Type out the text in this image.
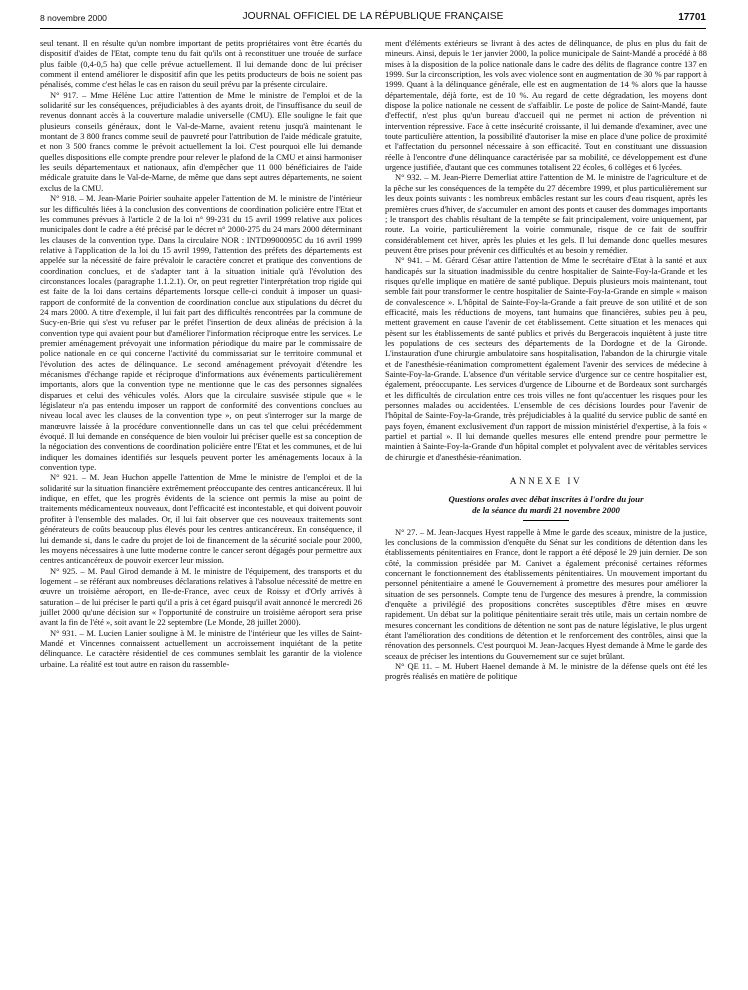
8 novembre 2000	JOURNAL OFFICIEL DE LA RÉPUBLIQUE FRANÇAISE	17701

seul tenant. Il en résulte qu'un nombre important de petits propriétaires vont être écartés du dispositif d'aides de l'Etat, compte tenu du fait qu'ils ont à reconstituer une trouée de surface plus faible (0,4-0,5 ha) que celle prévue actuellement. Il lui demande donc de lui préciser comment il entend améliorer le dispositif afin que les petits producteurs de bois ne soient pas pénalisés, comme c'est hélas le cas en raison du seuil prévu par la présente circulaire.

N° 917. – Mme Hélène Luc attire l'attention de Mme le ministre de l'emploi et de la solidarité sur les conséquences, préjudiciables à des ayants droit, de l'insuffisance du seuil de revenus donnant accès à la couverture maladie universelle (CMU). Elle souligne le fait que plusieurs conseils généraux, dont le Val-de-Marne, avaient retenu jusqu'à maintenant le montant de 3 800 francs comme seuil de pauvreté pour l'attribution de l'aide médicale gratuite, et non 3 500 francs comme le prévoit actuellement la loi. C'est pourquoi elle lui demande quelles dispositions elle compte prendre pour relever le plafond de la CMU et ainsi harmoniser les seuils départementaux et nationaux, afin d'empêcher que 11 000 bénéficiaires de l'aide médicale gratuite dans le Val-de-Marne, de même que dans sept autres départements, ne soient exclus de la CMU.

N° 918. – M. Jean-Marie Poirier souhaite appeler l'attention de M. le ministre de l'intérieur sur les difficultés liées à la conclusion des conventions de coordination policière entre l'Etat et les communes prévues à l'article 2 de la loi n° 99-231 du 15 avril 1999 relative aux polices municipales dont le cadre a été précisé par le décret n° 2000-275 du 24 mars 2000 déterminant les clauses de la convention type. Dans la circulaire NOR : INTD9900095C du 16 avril 1999 relative à l'application de la loi du 15 avril 1999, l'attention des préfets des départements est appelée sur la nécessité de faire prévaloir le caractère concret et pratique des conventions de coordination conclues, et de s'adapter tant à la situation initiale qu'à l'évolution des circonstances locales (paragraphe 1.1.2.1). Or, on peut regretter l'interprétation trop rigide qui est faite de la loi dans certains départements lorsque celle-ci conduit à imposer un quasi-rapport de conformité de la convention de coordination conclue aux stipulations du décret du 24 mars 2000. A titre d'exemple, il lui fait part des difficultés rencontrées par la commune de Sucy-en-Brie qui s'est vu refuser par le préfet l'insertion de deux alinéas de précision à la convention type qui avaient pour but d'améliorer l'information réciproque entre les services. Le premier aménagement prévoyait une information périodique du maire par le commissaire de police nationale en ce qui concerne l'activité du commissariat sur le territoire communal et l'évolution des actes de délinquance. Le second aménagement prévoyait d'étendre les mécanismes d'échange rapide et réciproque d'informations aux événements particulièrement importants, alors que la convention type ne mentionne que le cas des personnes signalées disparues et celui des véhicules volés. Alors que la circulaire susvisée stipule que « le législateur n'a pas entendu imposer un rapport de conformité des conventions conclues au niveau local avec les clauses de la convention type », on peut s'interroger sur la marge de manœuvre laissée à la procédure conventionnelle dans un cas tel que celui précédemment évoqué. Il lui demande en conséquence de bien vouloir lui préciser quelle est sa conception de la négociation des conventions de coordination policière entre l'Etat et les communes, et de lui indiquer les domaines identifiés sur lesquels peuvent porter les aménagements locaux à la convention type.

N° 921. – M. Jean Huchon appelle l'attention de Mme le ministre de l'emploi et de la solidarité sur la situation financière extrêmement préoccupante des centres anticancéreux. Il lui indique, en effet, que les progrès évidents de la science ont permis la mise au point de traitements médicamenteux nouveaux, dont l'efficacité est incontestable, et qui doivent pouvoir profiter à l'ensemble des malades. Or, il lui fait observer que ces nouveaux traitements sont générateurs de coûts beaucoup plus élevés pour les centres anticancéreux. En conséquence, il lui demande si, dans le cadre du projet de loi de financement de la sécurité sociale pour 2000, les moyens nécessaires à une lutte moderne contre le cancer seront dégagés pour permettre aux centres anticancéreux de pouvoir exercer leur mission.

N° 925. – M. Paul Girod demande à M. le ministre de l'équipement, des transports et du logement – se référant aux nombreuses déclarations relatives à l'absolue nécessité de mettre en œuvre un troisième aéroport, en Ile-de-France, avec ceux de Roissy et d'Orly arrivés à saturation – de lui préciser le parti qu'il a pris à cet égard puisqu'il avait annoncé le mercredi 26 juillet 2000 qu'une décision sur « l'opportunité de construire un troisième aéroport sera prise avant la fin de l'été », soit avant le 22 septembre (Le Monde, 28 juillet 2000).

N° 931. – M. Lucien Lanier souligne à M. le ministre de l'intérieur que les villes de Saint-Mandé et Vincennes connaissent actuellement un accroissement inquiétant de la petite délinquance. Le caractère résidentiel de ces communes semblait les garantir de la violence urbaine. La réalité est tout autre en raison du rassemble-

ment d'éléments extérieurs se livrant à des actes de délinquance, de plus en plus du fait de mineurs. Ainsi, depuis le 1er janvier 2000, la police municipale de Saint-Mandé a procédé à 88 mises à la disposition de la police nationale dans le cadre des délits de flagrance contre 137 en 1999. Sur la circonscription, les vols avec violence sont en augmentation de 30 % par rapport à 1999. Quant à la délinquance générale, elle est en augmentation de 14 % alors que la hausse départementale, déjà forte, est de 10 %. Au regard de cette dégradation, les moyens dont dispose la police nationale ne cessent de s'affaiblir. Le poste de police de Saint-Mandé, faute d'effectif, n'est plus qu'un bureau d'accueil qui ne permet ni action de prévention ni intervention répressive. Face à cette insécurité croissante, il lui demande d'examiner, avec une toute particulière attention, la possibilité d'autoriser la mise en place d'une police de proximité et l'affectation du personnel nécessaire à son efficacité. Tout en constituant une dissuasion réelle à l'encontre d'une délinquance caractérisée par sa mobilité, ce développement est d'une urgence justifiée, d'autant que ces communes totalisent 22 écoles, 6 collèges et 6 lycées.

N° 932. – M. Jean-Pierre Demerliat attire l'attention de M. le ministre de l'agriculture et de la pêche sur les conséquences de la tempête du 27 décembre 1999, et plus particulièrement sur les deux points suivants : les nombreux embâcles restant sur les cours d'eau risquent, après les premières crues d'hiver, de s'accumuler en amont des ponts et causer des dommages importants ; le transport des chablis résultant de la tempête se fait principalement, voire uniquement, par route. La voirie, particulièrement la voirie communale, risque de ce fait de souffrir considérablement cet hiver, après les pluies et les gels. Il lui demande donc quelles mesures peuvent être prises pour prévenir ces difficultés et au besoin y remédier.

N° 941. – M. Gérard César attire l'attention de Mme le secrétaire d'Etat à la santé et aux handicapés sur la situation inadmissible du centre hospitalier de Sainte-Foy-la-Grande et les risques qu'elle implique en matière de santé publique. Depuis plusieurs mois maintenant, tout semble fait pour transformer le centre hospitalier de Sainte-Foy-la-Grande en simple « maison de convalescence ». L'hôpital de Sainte-Foy-la-Grande a fait preuve de son utilité et de son efficacité, mais les réductions de moyens, tant humains que financières, subies peu à peu, mettent gravement en cause l'avenir de cet établissement. Cette situation et les menaces qui pèsent sur les établissements de santé publics et privés du Bergeracois inquiètent à juste titre les populations de ces secteurs des départements de la Dordogne et de la Gironde. L'instauration d'une chirurgie ambulatoire sans hospitalisation, l'abandon de la chirurgie vitale et de l'anesthésie-réanimation compromettent également l'avenir des services de médecine à Sainte-Foy-la-Grande. L'absence d'un véritable service d'urgence sur ce centre hospitalier est, également, préoccupante. Les services d'urgence de Libourne et de Bordeaux sont surchargés et les difficultés de circulation entre ces trois villes ne font qu'accentuer les risques pour les personnes malades ou accidentées. L'ensemble de ces décisions lourdes pour l'avenir de l'hôpital de Sainte-Foy-la-Grande, très préjudiciables à la qualité du service public de santé en pays foyen, émanent exclusivement d'un rapport de mission ministériel d'expertise, à la fois « partiel et partial ». Il lui demande quelles mesures elle entend prendre pour permettre le maintien à Sainte-Foy-la-Grande d'un hôpital complet et polyvalent avec de véritables services de chirurgie et d'anesthésie-réanimation.

ANNEXE IV
Questions orales avec débat inscrites à l'ordre du jour
de la séance du mardi 21 novembre 2000

N° 27. – M. Jean-Jacques Hyest rappelle à Mme le garde des sceaux, ministre de la justice, les conclusions de la commission d'enquête du Sénat sur les conditions de détention dans les établissements pénitentiaires en France, dont le rapport a été déposé le 29 juin dernier. De son côté, la commission présidée par M. Canivet a également préconisé certaines réformes concernant le fonctionnement des établissements pénitentiaires. Un mouvement important du personnel pénitentiaire a amené le Gouvernement à promettre des mesures pour améliorer la situation de ses personnels. Compte tenu de l'urgence des mesures à prendre, la commission d'enquête a privilégié des propositions concrètes susceptibles d'être mises en œuvre rapidement. Un débat sur la politique pénitentiaire serait très utile, mais un certain nombre de mesures concernant les conditions de détention ne sont pas de nature législative, le plus urgent étant l'amélioration des conditions de détention et le renforcement des contrôles, ainsi que la rénovation des personnels. C'est pourquoi M. Jean-Jacques Hyest demande à Mme le garde des sceaux de préciser les intentions du Gouvernement sur ce sujet brûlant.

N° QE 11. – M. Hubert Haenel demande à M. le ministre de la défense quels ont été les progrès réalisés en matière de politique
